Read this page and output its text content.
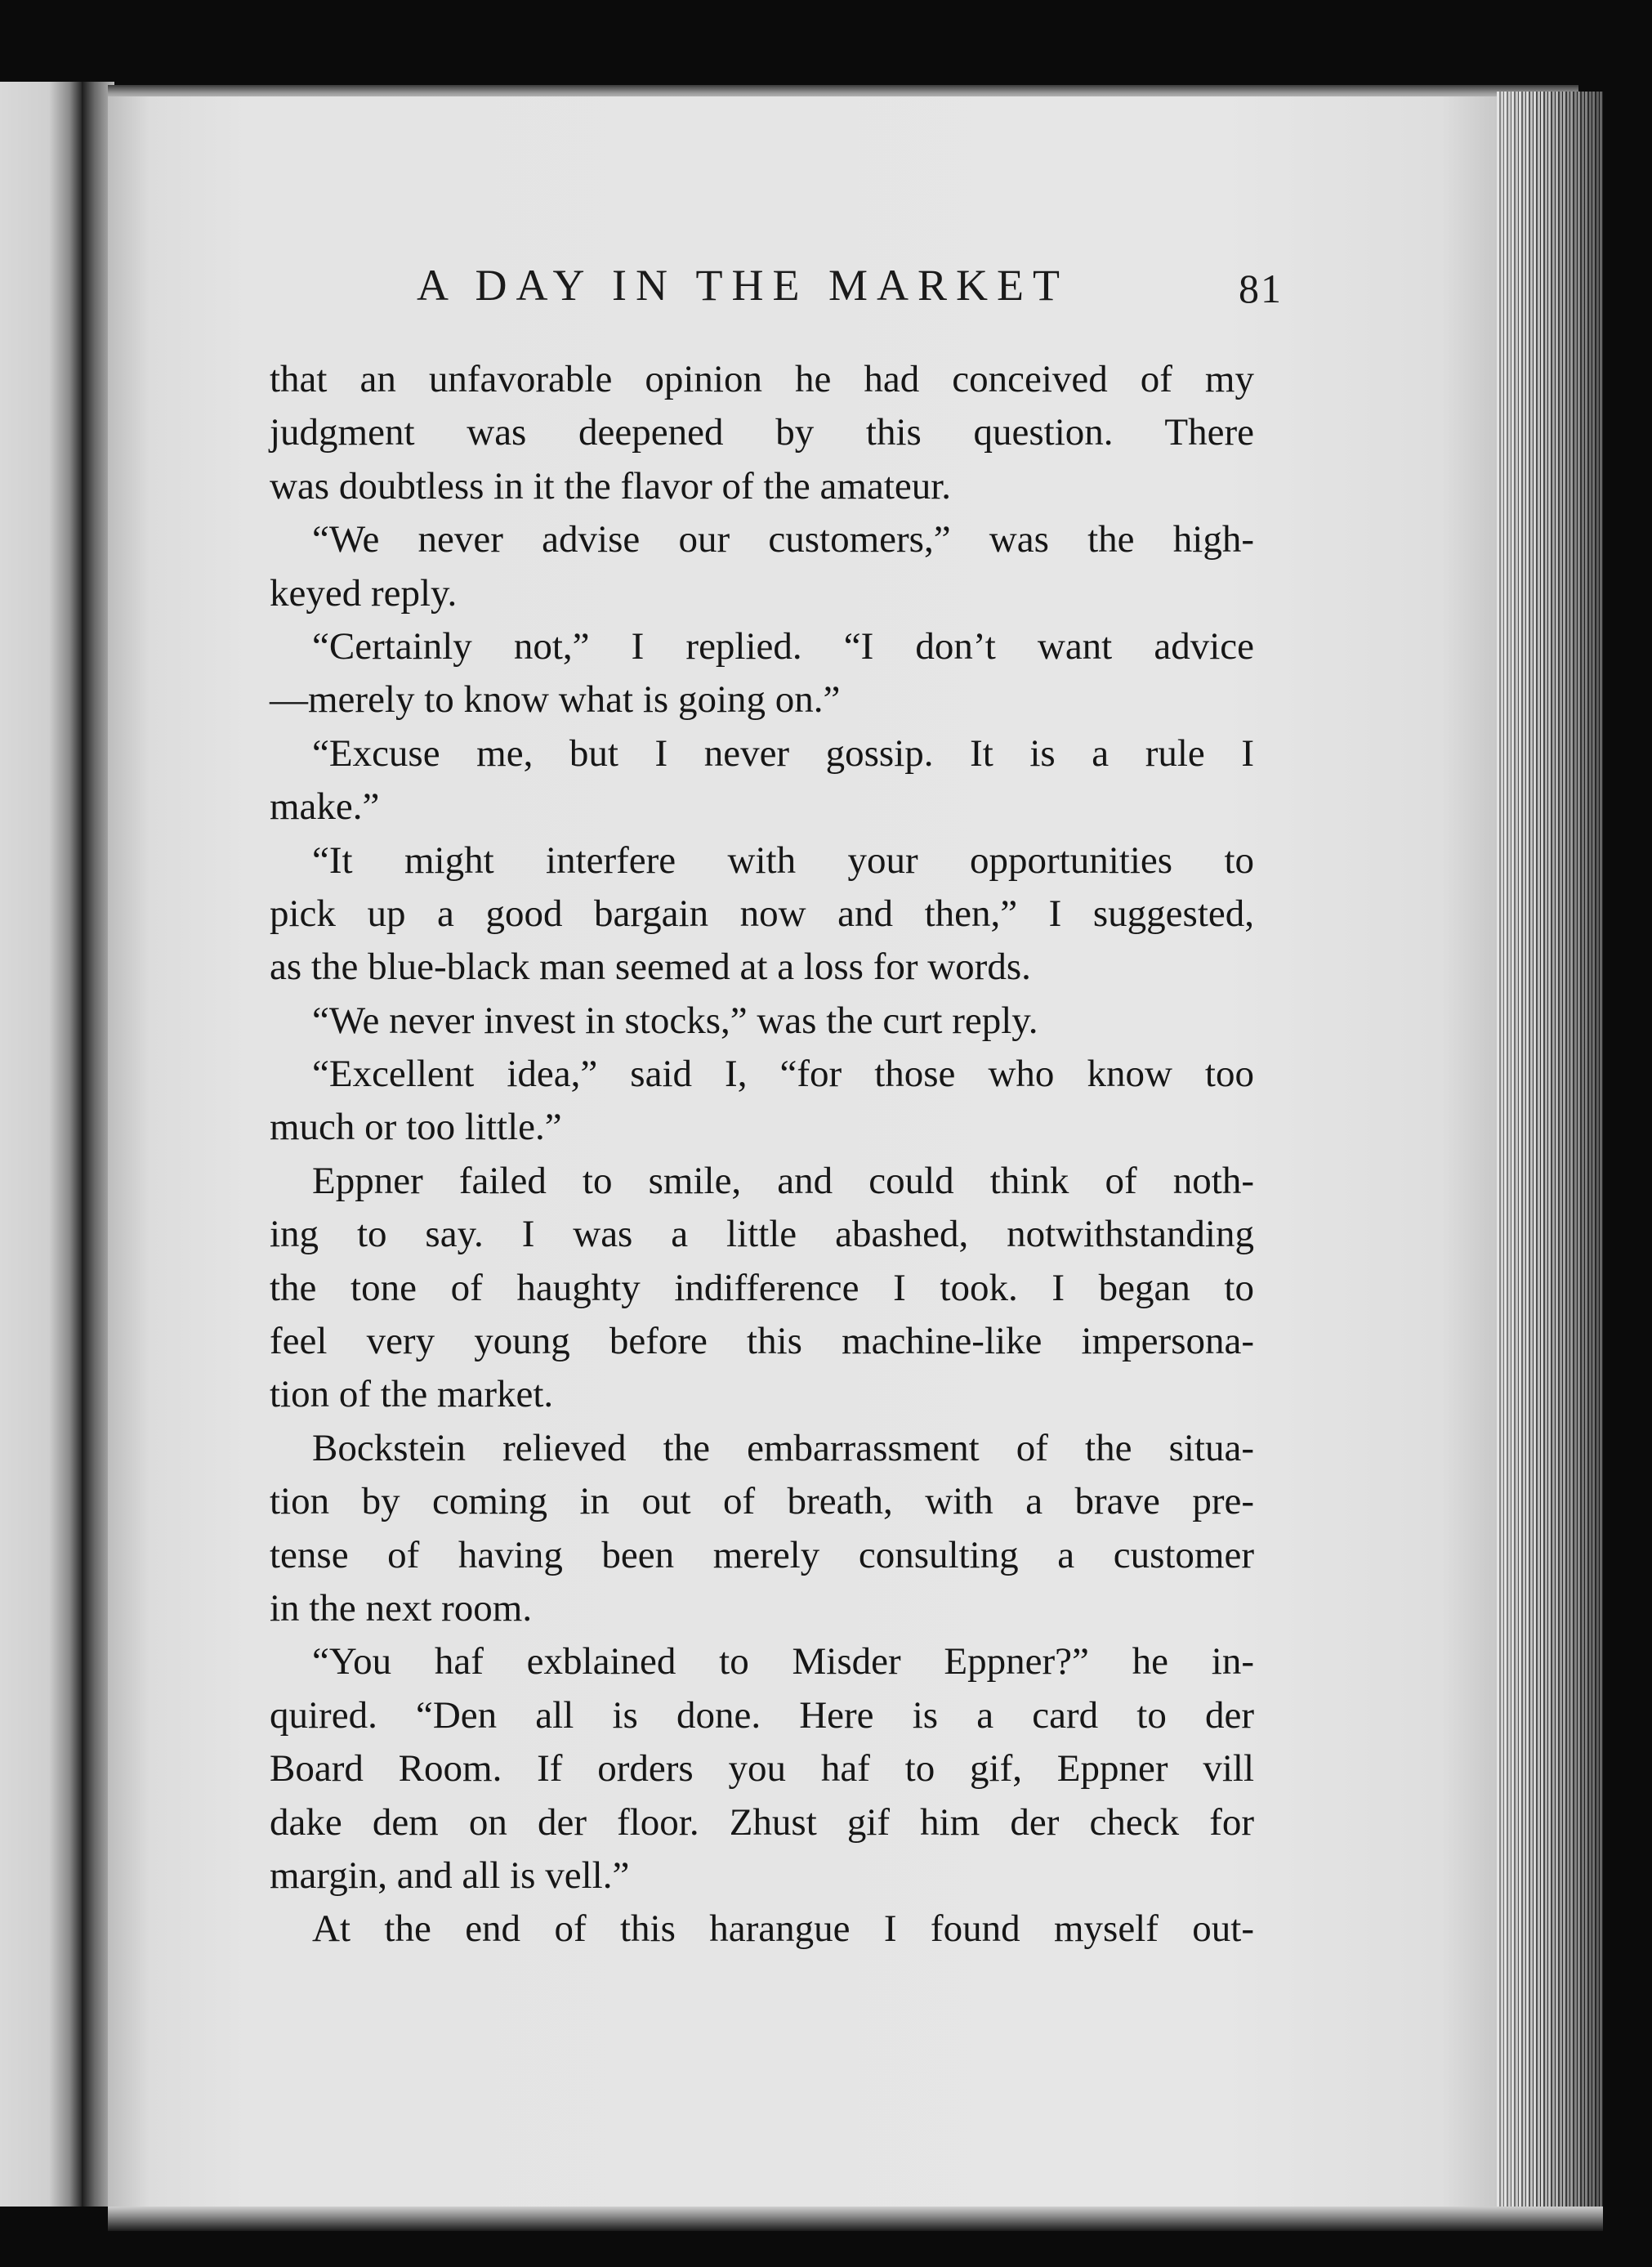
A DAY IN THE MARKET	81
that an unfavorable opinion he had conceived of my
judgment was deepened by this question. There
was doubtless in it the flavor of the amateur.
“We never advise our customers,” was the high-
keyed reply.
“Certainly not,” I replied. “I don’t want advice
—merely to know what is going on.”
“Excuse me, but I never gossip. It is a rule I
make.”
“It might interfere with your opportunities to
pick up a good bargain now and then,” I suggested,
as the blue-black man seemed at a loss for words.
“We never invest in stocks,” was the curt reply.
“Excellent idea,” said I, “for those who know too
much or too little.”
Eppner failed to smile, and could think of noth-
ing to say. I was a little abashed, notwithstanding
the tone of haughty indifference I took. I began to
feel very young before this machine-like impersona-
tion of the market.
Bockstein relieved the embarrassment of the situa-
tion by coming in out of breath, with a brave pre-
tense of having been merely consulting a customer
in the next room.
“You haf exblained to Misder Eppner?” he in-
quired. “Den all is done. Here is a card to der
Board Room. If orders you haf to gif, Eppner vill
dake dem on der floor. Zhust gif him der check for
margin, and all is vell.”
At the end of this harangue I found myself out-
